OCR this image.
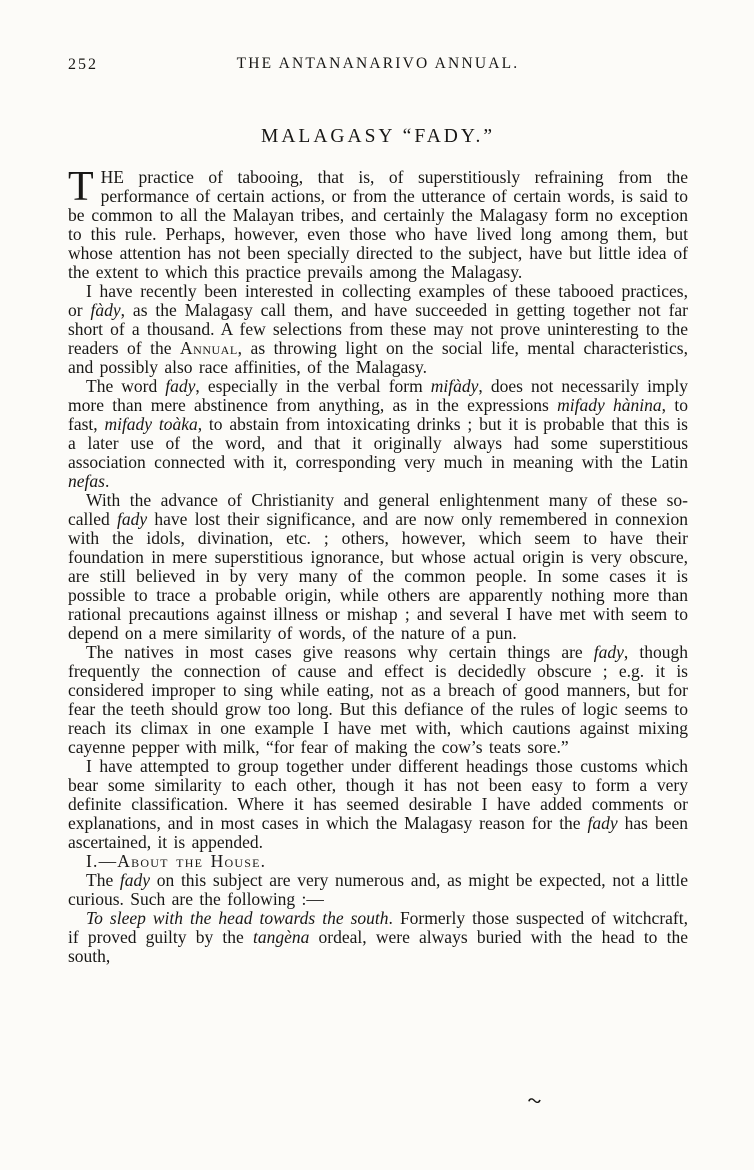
252	THE ANTANANARIVO ANNUAL.
MALAGASY “FADY.”

THE practice of tabooing, that is, of superstitiously refraining from the performance of certain actions, or from the utterance of certain words, is said to be common to all the Malayan tribes, and certainly the Malagasy form no exception to this rule. Perhaps, however, even those who have lived long among them, but whose attention has not been specially directed to the subject, have but little idea of the extent to which this practice prevails among the Malagasy.

I have recently been interested in collecting examples of these tabooed practices, or fàdy, as the Malagasy call them, and have succeeded in getting together not far short of a thousand. A few selections from these may not prove uninteresting to the readers of the Annual, as throwing light on the social life, mental characteristics, and possibly also race affinities, of the Malagasy.

The word fady, especially in the verbal form mifàdy, does not necessarily imply more than mere abstinence from anything, as in the expressions mifady hànina, to fast, mifady toàka, to abstain from intoxicating drinks ; but it is probable that this is a later use of the word, and that it originally always had some superstitious association connected with it, corresponding very much in meaning with the Latin nefas.

With the advance of Christianity and general enlightenment many of these so-called fady have lost their significance, and are now only remembered in connexion with the idols, divination, etc. ; others, however, which seem to have their foundation in mere superstitious ignorance, but whose actual origin is very obscure, are still believed in by very many of the common people. In some cases it is possible to trace a probable origin, while others are apparently nothing more than rational precautions against illness or mishap ; and several I have met with seem to depend on a mere similarity of words, of the nature of a pun.

The natives in most cases give reasons why certain things are fady, though frequently the connection of cause and effect is decidedly obscure ; e.g. it is considered improper to sing while eating, not as a breach of good manners, but for fear the teeth should grow too long. But this defiance of the rules of logic seems to reach its climax in one example I have met with, which cautions against mixing cayenne pepper with milk, “for fear of making the cow’s teats sore.”

I have attempted to group together under different headings those customs which bear some similarity to each other, though it has not been easy to form a very definite classification. Where it has seemed desirable I have added comments or explanations, and in most cases in which the Malagasy reason for the fady has been ascertained, it is appended.

I.—About the House.

The fady on this subject are very numerous and, as might be expected, not a little curious. Such are the following :—

To sleep with the head towards the south. Formerly those suspected of witchcraft, if proved guilty by the tangèna ordeal, were always buried with the head to the south,

~
